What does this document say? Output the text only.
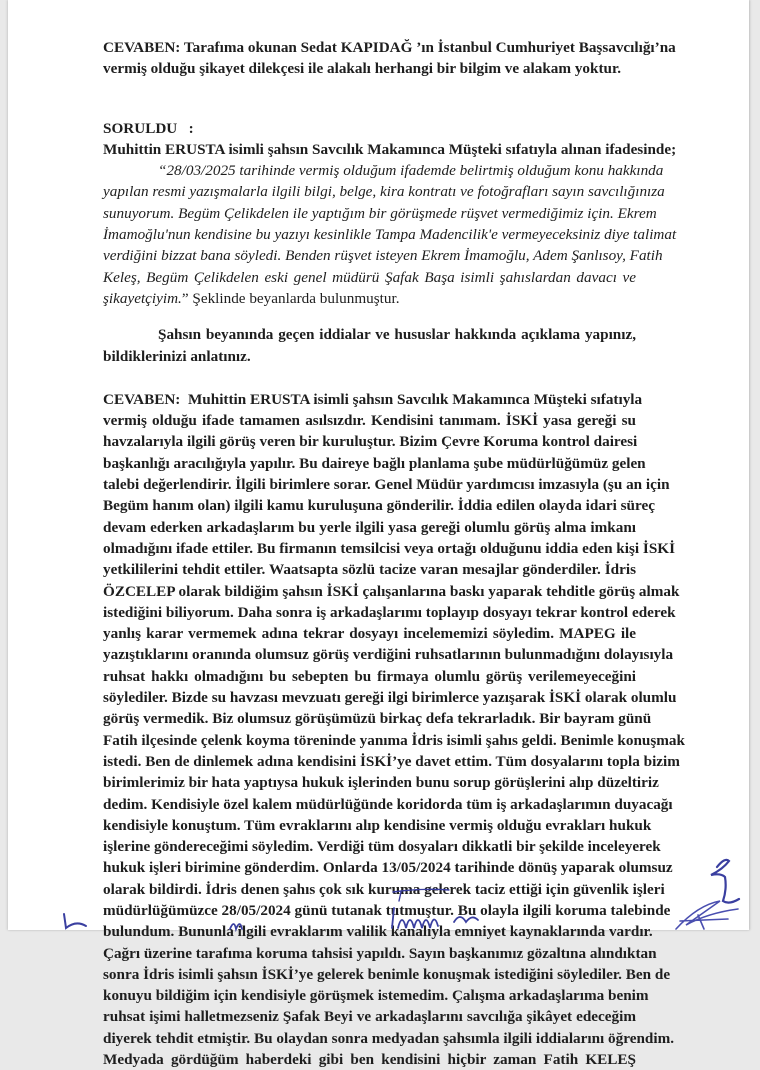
CEVABEN: Tarafıma okunan Sedat KAPIDAĞ ’ın İstanbul Cumhuriyet Başsavcılığı’na
vermiş olduğu şikayet dilekçesi ile alakalı herhangi bir bilgim ve alakam yoktur.
SORULDU   :
Muhittin ERUSTA isimli şahsın Savcılık Makamınca Müşteki sıfatıyla alınan ifadesinde;
“28/03/2025 tarihinde vermiş olduğum ifademde belirtmiş olduğum konu hakkında
yapılan resmi yazışmalarla ilgili bilgi, belge, kira kontratı ve fotoğrafları sayın savcılığınıza
sunuyorum. Begüm Çelikdelen ile yaptığım bir görüşmede rüşvet vermediğimiz için. Ekrem
İmamoğlu'nun kendisine bu yazıyı kesinlikle Tampa Madencilik'e vermeyeceksiniz diye talimat
verdiğini bizzat bana söyledi. Benden rüşvet isteyen Ekrem İmamoğlu, Adem Şanlısoy, Fatih
Keleş, Begüm Çelikdelen eski genel müdürü Şafak Başa isimli şahıslardan davacı ve
şikayetçiyim.” Şeklinde beyanlarda bulunmuştur.
Şahsın beyanında geçen iddialar ve hususlar hakkında açıklama yapınız,
bildiklerinizi anlatınız.
CEVABEN:  Muhittin ERUSTA isimli şahsın Savcılık Makamınca Müşteki sıfatıyla
vermiş olduğu ifade tamamen asılsızdır. Kendisini tanımam. İSKİ yasa gereği su
havzalarıyla ilgili görüş veren bir kuruluştur. Bizim Çevre Koruma kontrol dairesi
başkanlığı aracılığıyla yapılır. Bu daireye bağlı planlama şube müdürlüğümüz gelen
talebi değerlendirir. İlgili birimlere sorar. Genel Müdür yardımcısı imzasıyla (şu an için
Begüm hanım olan) ilgili kamu kuruluşuna gönderilir. İddia edilen olayda idari süreç
devam ederken arkadaşlarım bu yerle ilgili yasa gereği olumlu görüş alma imkanı
olmadığını ifade ettiler. Bu firmanın temsilcisi veya ortağı olduğunu iddia eden kişi İSKİ
yetkililerini tehdit ettiler. Waatsapta sözlü tacize varan mesajlar gönderdiler. İdris
ÖZCELEP olarak bildiğim şahsın İSKİ çalışanlarına baskı yaparak tehditle görüş almak
istediğini biliyorum. Daha sonra iş arkadaşlarımı toplayıp dosyayı tekrar kontrol ederek
yanlış karar vermemek adına tekrar dosyayı incelememizi söyledim. MAPEG ile
yazıştıklarını oranında olumsuz görüş verdiğini ruhsatlarının bulunmadığını dolayısıyla
ruhsat hakkı olmadığını bu sebepten bu firmaya olumlu görüş verilemeyeceğini
söylediler. Bizde su havzası mevzuatı gereği ilgi birimlerce yazışarak İSKİ olarak olumlu
görüş vermedik. Biz olumsuz görüşümüzü birkaç defa tekrarladık. Bir bayram günü
Fatih ilçesinde çelenk koyma töreninde yanıma İdris isimli şahıs geldi. Benimle konuşmak
istedi. Ben de dinlemek adına kendisini İSKİ’ye davet ettim. Tüm dosyalarını topla bizim
birimlerimiz bir hata yaptıysa hukuk işlerinden bunu sorup görüşlerini alıp düzeltiriz
dedim. Kendisiyle özel kalem müdürlüğünde koridorda tüm iş arkadaşlarımın duyacağı
kendisiyle konuştum. Tüm evraklarını alıp kendisine vermiş olduğu evrakları hukuk
işlerine göndereceğimi söyledim. Verdiği tüm dosyaları dikkatli bir şekilde inceleyerek
hukuk işleri birimine gönderdim. Onlarda 13/05/2024 tarihinde dönüş yaparak olumsuz
olarak bildirdi. İdris denen şahıs çok sık kuruma gelerek taciz ettiği için güvenlik işleri
müdürlüğümüzce 28/05/2024 günü tutanak tutmuştur. Bu olayla ilgili koruma talebinde
bulundum. Bununla ilgili evraklarım valilik kanalıyla emniyet kaynaklarında vardır.
Çağrı üzerine tarafıma koruma tahsisi yapıldı. Sayın başkanımız gözaltına alındıktan
sonra İdris isimli şahsın İSKİ’ye gelerek benimle konuşmak istediğini söylediler. Ben de
konuyu bildiğim için kendisiyle görüşmek istemedim. Çalışma arkadaşlarıma benim
ruhsat işimi halletmezseniz Şafak Beyi ve arkadaşlarını savcılığa şikâyet edeceğim
diyerek tehdit etmiştir. Bu olaydan sonra medyadan şahsımla ilgili iddialarını öğrendim.
Medyada gördüğüm haberdeki gibi ben kendisini hiçbir zaman Fatih KELEŞ
